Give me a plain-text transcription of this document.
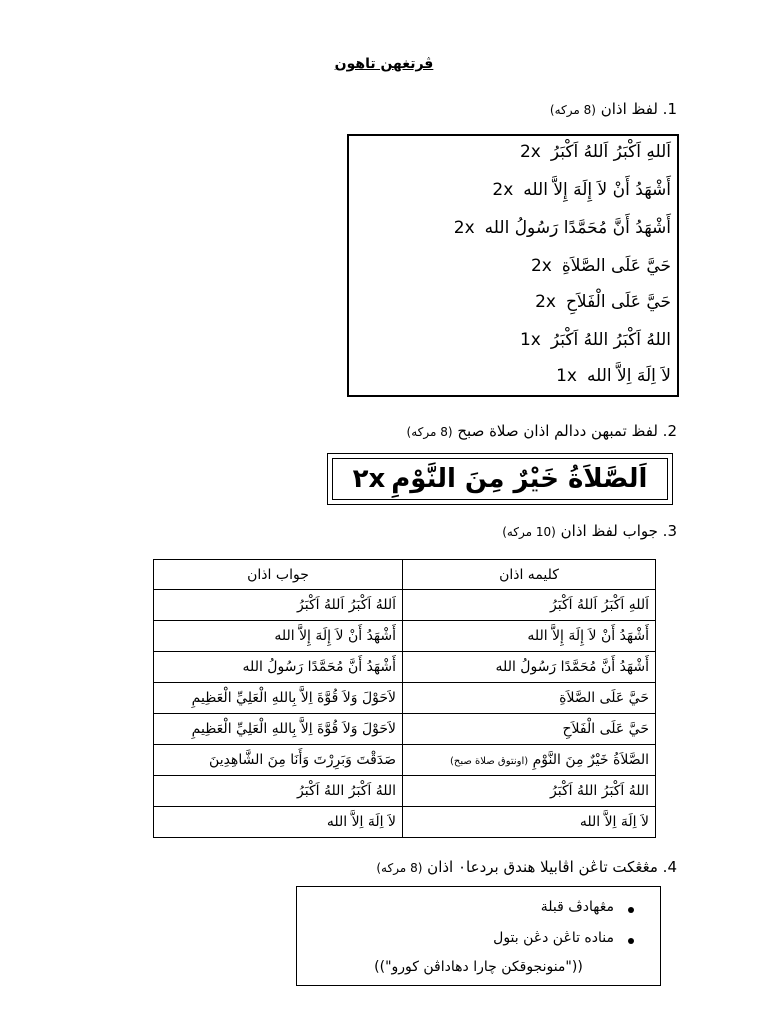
ڤرتغهن تاهون
1. لفظ اذان (8 مركه)
اَللهِ اَكْبَرُ اَللهُ اَكْبَرُ2x
أَشْهَدُ أَنْ لاَ إِلَهَ إِلاَّ الله2x
أَشْهَدُ أَنَّ مُحَمَّدًا رَسُولُ الله2x
حَيَّ عَلَى الصَّلاَةِ2x
حَيَّ عَلَى الْفَلاَحِ2x
اللهُ اَكْبَرُ اللهُ اَكْبَرُ1x
لاَ اِلَهَ اِلاَّ الله1x
2. لفظ تمبهن ددالم اذان صلاة صبح (8 مركه)
اَلصَّلاَةُ خَيْرٌ مِنَ النَّوْمِ
٢x
3. جواب لفظ اذان (10 مركه)
كليمه اذان	جواب اذان
اَللهِ اَكْبَرُ اَللهُ اَكْبَرُ	اَللهُ اَكْبَرُ اَللهُ اَكْبَرُ
أَشْهَدُ أَنْ لاَ إِلَهَ إِلاَّ الله	أَشْهَدُ أَنْ لاَ إِلَهَ إِلاَّ الله
أَشْهَدُ أَنَّ مُحَمَّدًا رَسُولُ الله	أَشْهَدُ أَنَّ مُحَمَّدًا رَسُولُ الله
حَيَّ عَلَى الصَّلاَةِ	لاَحَوْلَ وَلاَ قُوَّةَ اِلاَّ بِاللهِ الْعَلِيِّ الْعَظِيمِ
حَيَّ عَلَى الْفَلاَحِ	لاَحَوْلَ وَلاَ قُوَّةَ اِلاَّ بِاللهِ الْعَلِيِّ الْعَظِيمِ
الصَّلاَةُ خَيْرٌ مِنَ النَّوْمِ (اونتوق صلاة صبح)	صَدَقْتَ وَبَرِرْتَ وَأَنَا مِنَ الشَّاهِدِينَ
اللهُ اَكْبَرُ اللهُ اَكْبَرُ	اللهُ اَكْبَرُ اللهُ اَكْبَرُ
لاَ اِلَهَ اِلاَّ الله	لاَ اِلَهَ اِلاَّ الله
4. مڠڠكت تاڠن اڤابيلا هندق بردعا٠ اذان (8 مركه)
مڠهادڤ قبلة
مناده تاڠن دڠن بتول
(("منونجوقكن چارا دهاداڤن كورو"))
